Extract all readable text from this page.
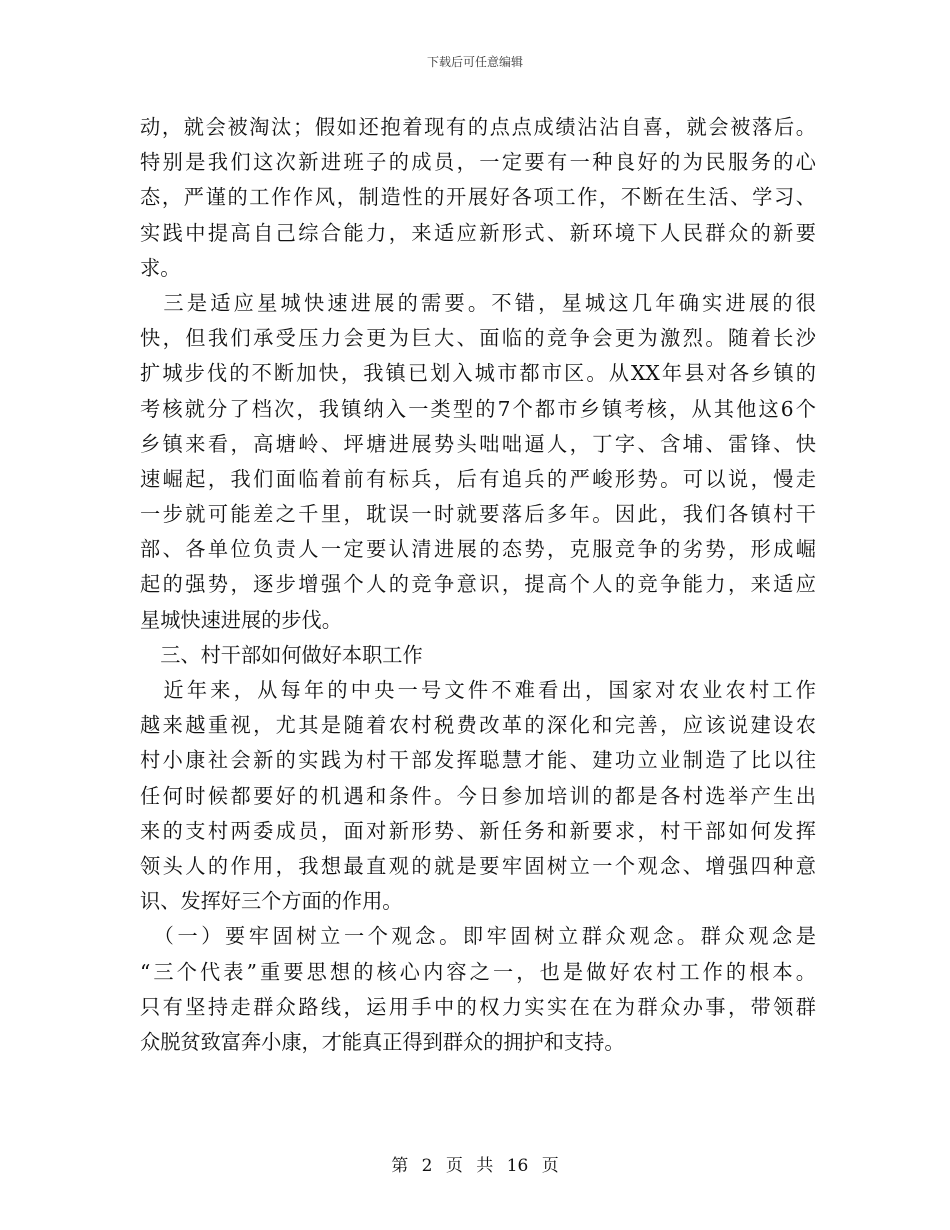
下载后可任意编辑
动，就会被淘汰；假如还抱着现有的点点成绩沾沾自喜，就会被落后。
特别是我们这次新进班子的成员，一定要有一种良好的为民服务的心
态，严谨的工作作风，制造性的开展好各项工作，不断在生活、学习、
实践中提高自己综合能力，来适应新形式、新环境下人民群众的新要
求。
　三是适应星城快速进展的需要。不错，星城这几年确实进展的很
快，但我们承受压力会更为巨大、面临的竞争会更为激烈。随着长沙
扩城步伐的不断加快，我镇已划入城市都市区。从XX年县对各乡镇的
考核就分了档次，我镇纳入一类型的7个都市乡镇考核，从其他这6个
乡镇来看，高塘岭、坪塘进展势头咄咄逼人，丁字、含埔、雷锋、快
速崛起，我们面临着前有标兵，后有追兵的严峻形势。可以说，慢走
一步就可能差之千里，耽误一时就要落后多年。因此，我们各镇村干
部、各单位负责人一定要认清进展的态势，克服竞争的劣势，形成崛
起的强势，逐步增强个人的竞争意识，提高个人的竞争能力，来适应
星城快速进展的步伐。
　三、村干部如何做好本职工作
　近年来，从每年的中央一号文件不难看出，国家对农业农村工作
越来越重视，尤其是随着农村税费改革的深化和完善，应该说建设农
村小康社会新的实践为村干部发挥聪慧才能、建功立业制造了比以往
任何时候都要好的机遇和条件。今日参加培训的都是各村选举产生出
来的支村两委成员，面对新形势、新任务和新要求，村干部如何发挥
领头人的作用，我想最直观的就是要牢固树立一个观念、增强四种意
识、发挥好三个方面的作用。
　（一）要牢固树立一个观念。即牢固树立群众观念。群众观念是
“三个代表”重要思想的核心内容之一，也是做好农村工作的根本。
只有坚持走群众路线，运用手中的权力实实在在为群众办事，带领群
众脱贫致富奔小康，才能真正得到群众的拥护和支持。
第 2 页 共 16 页
